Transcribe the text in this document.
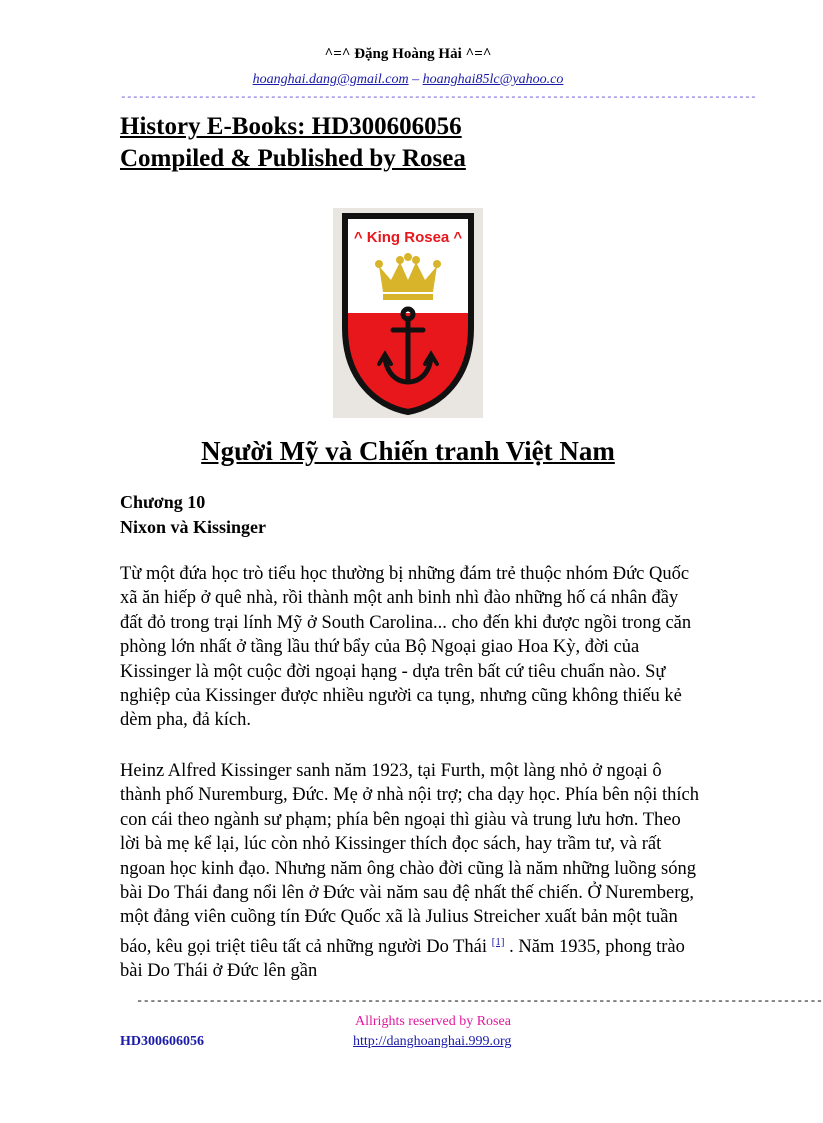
^=^ Đặng Hoàng Hải ^=^
hoanghai.dang@gmail.com – hoanghai85lc@yahoo.co
----------------------------------------------------------------------------------------------------------
History E-Books: HD300606056
Compiled & Published by Rosea
^ King Rosea ^
Người Mỹ và Chiến tranh Việt Nam
Chương 10
Nixon và Kissinger
Từ một đứa học trò tiểu học thường bị những đám trẻ thuộc nhóm Đức Quốc xã ăn hiếp ở quê nhà, rồi thành một anh binh nhì đào những hố cá nhân đầy đất đỏ trong trại lính Mỹ ở South Carolina... cho đến khi được ngồi trong căn phòng lớn nhất ở tầng lầu thứ bẩy của Bộ Ngoại giao Hoa Kỳ, đời của Kissinger là một cuộc đời ngoại hạng - dựa trên bất cứ tiêu chuẩn nào. Sự nghiệp của Kissinger được nhiều người ca tụng, nhưng cũng không thiếu kẻ dèm pha, đả kích.
Heinz Alfred Kissinger sanh năm 1923, tại Furth, một làng nhỏ ở ngoại ô thành phố Nuremburg, Đức. Mẹ ở nhà nội trợ; cha dạy học. Phía bên nội thích con cái theo ngành sư phạm; phía bên ngoại thì giàu và trung lưu hơn. Theo lời bà mẹ kể lại, lúc còn nhỏ Kissinger thích đọc sách, hay trầm tư, và rất ngoan học kinh đạo. Nhưng năm ông chào đời cũng là năm những luồng sóng bài Do Thái đang nổi lên ở Đức vài năm sau đệ nhất thế chiến. Ở Nuremberg, một đảng viên cuồng tín Đức Quốc xã là Julius Streicher xuất bản một tuần báo, kêu gọi triệt tiêu tất cả những người Do Thái [1] . Năm 1935, phong trào bài Do Thái ở Đức lên gần
--------------------------------------------------------------------------------------------------------
Allrights reserved by Rosea
HD300606056	http://danghoanghai.999.org
